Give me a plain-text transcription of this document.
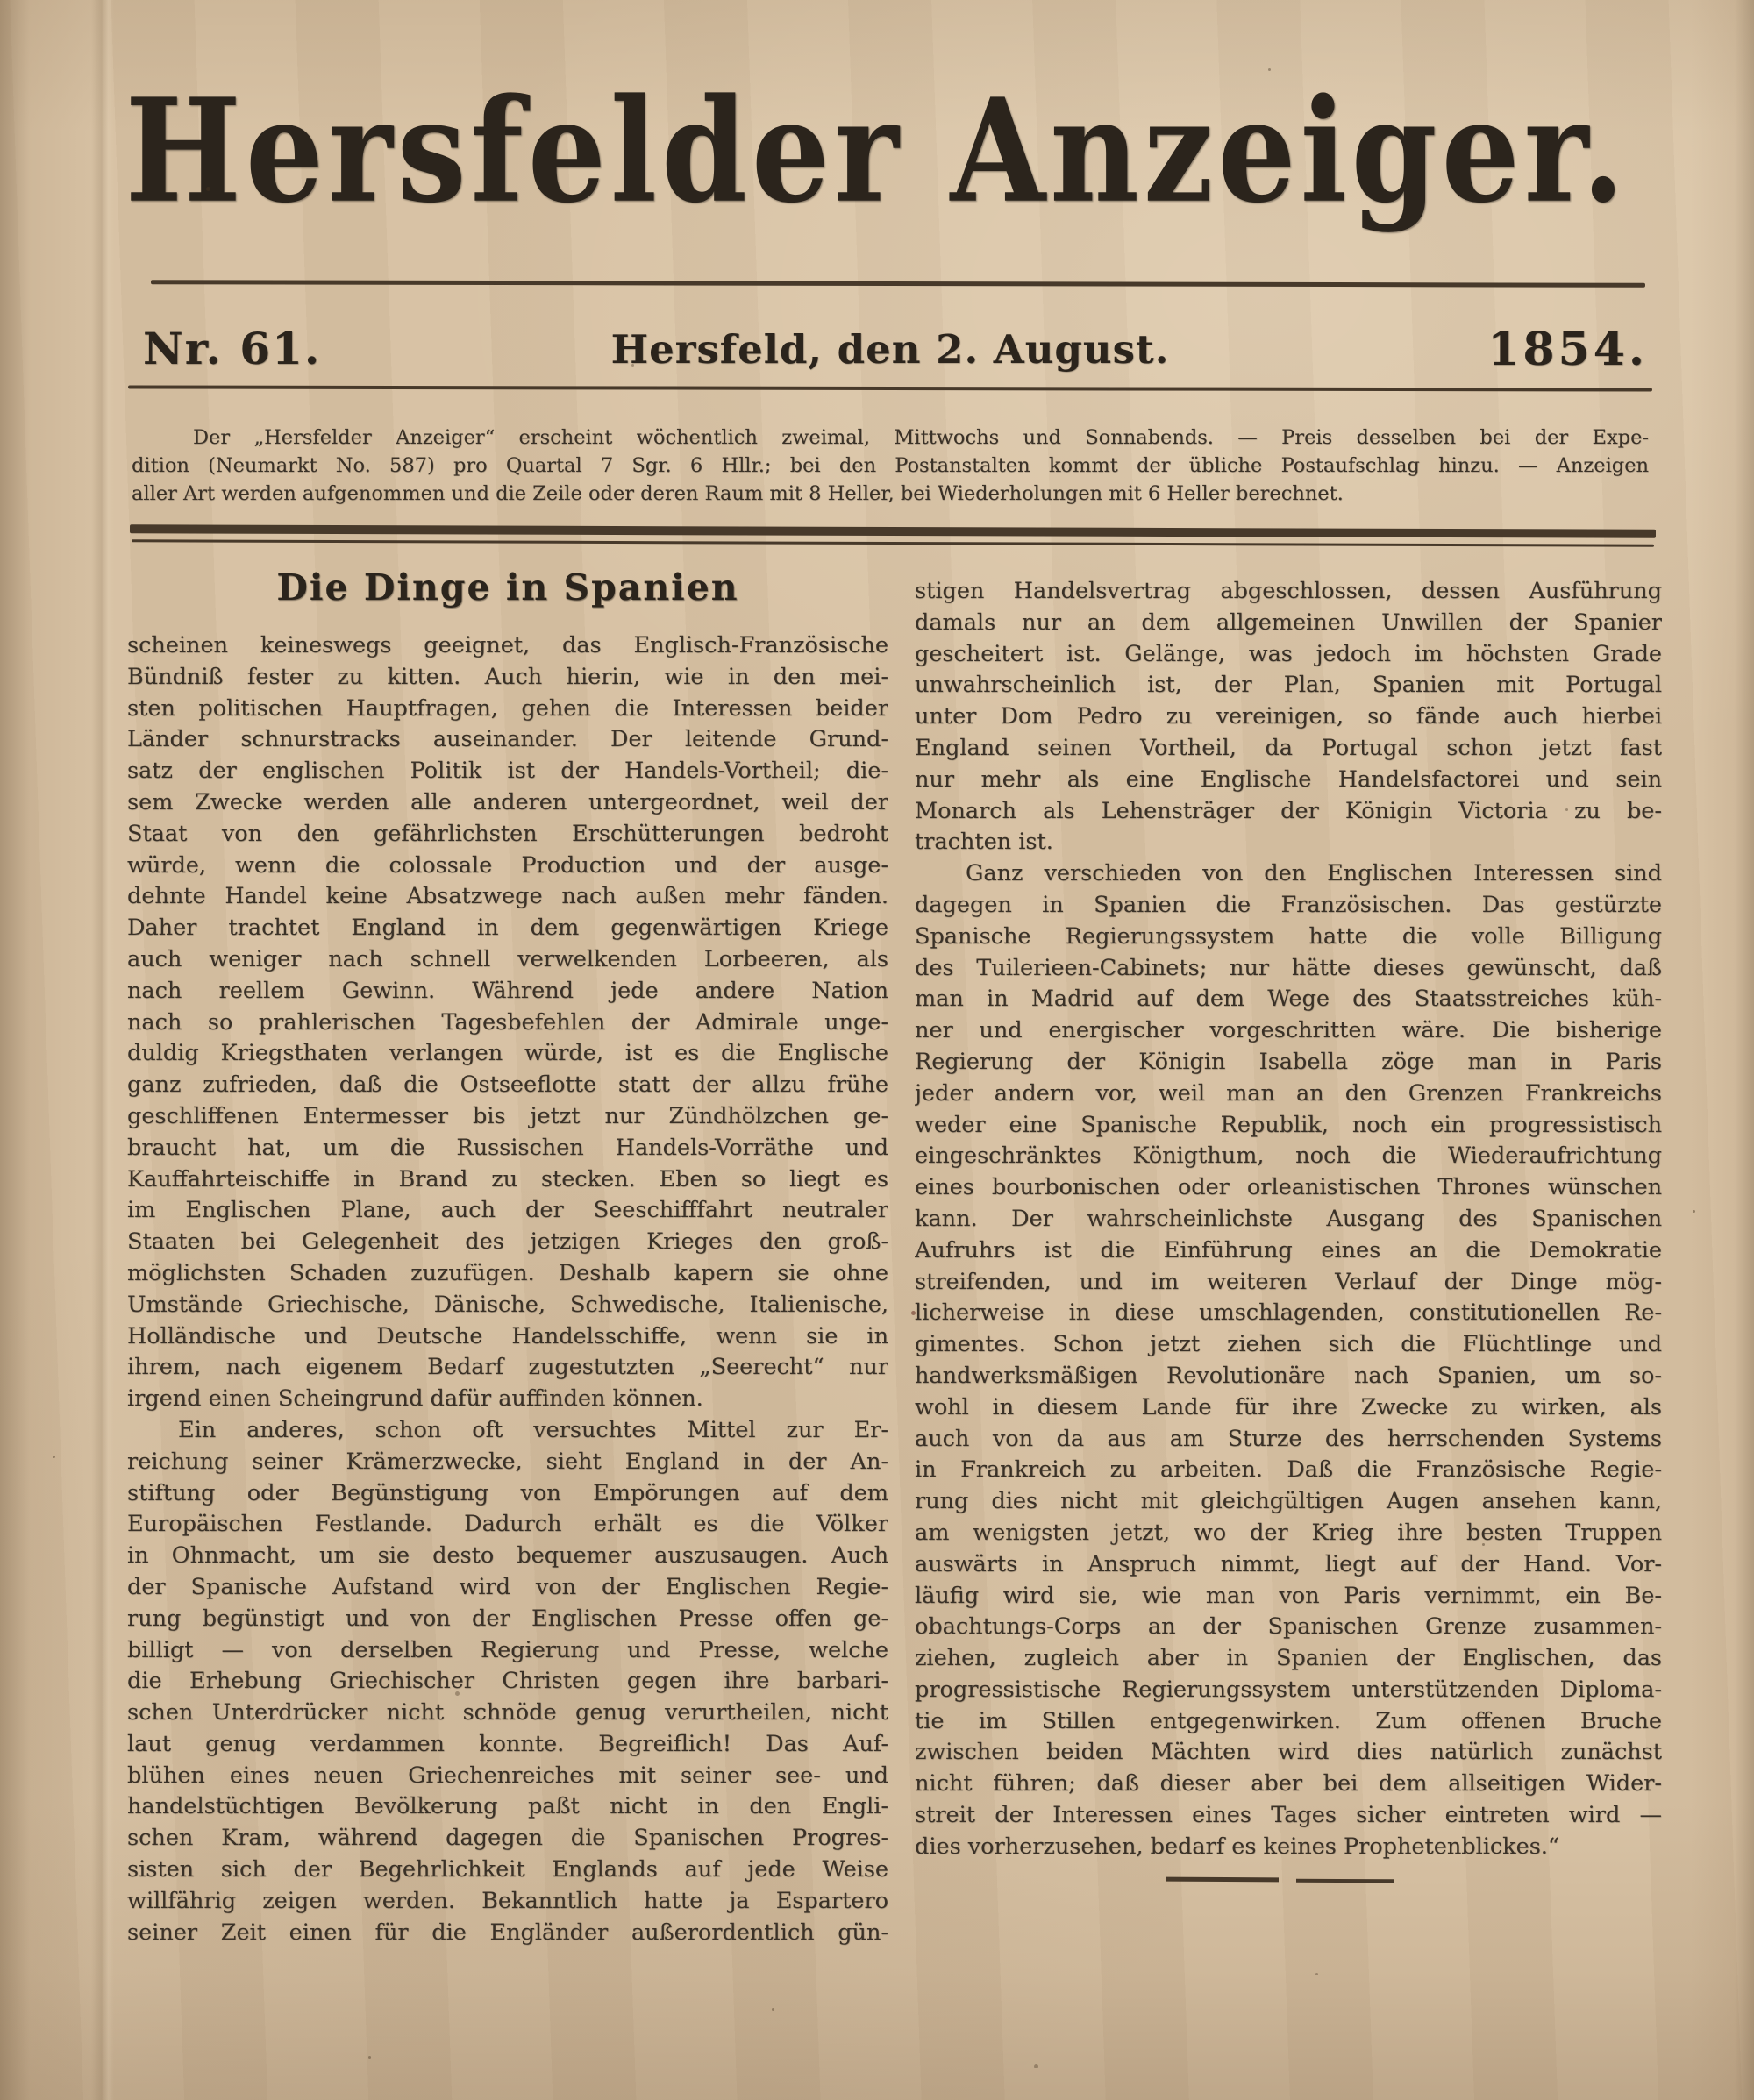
Hersfelder Anzeiger.
Nr. 61.	Hersfeld, den 2. August.	1854.
Der „Hersfelder Anzeiger“ erscheint wöchentlich zweimal, Mittwochs und Sonnabends. — Preis desselben bei der Expe-
dition (Neumarkt No. 587) pro Quartal 7 Sgr. 6 Hllr.; bei den Postanstalten kommt der übliche Postaufschlag hinzu. — Anzeigen
aller Art werden aufgenommen und die Zeile oder deren Raum mit 8 Heller, bei Wiederholungen mit 6 Heller berechnet.
Die Dinge in Spanien
scheinen keineswegs geeignet, das Englisch-Französische
Bündniß fester zu kitten. Auch hierin, wie in den mei-
sten politischen Hauptfragen, gehen die Interessen beider
Länder schnurstracks auseinander. Der leitende Grund-
satz der englischen Politik ist der Handels-Vortheil; die-
sem Zwecke werden alle anderen untergeordnet, weil der
Staat von den gefährlichsten Erschütterungen bedroht
würde, wenn die colossale Production und der ausge-
dehnte Handel keine Absatzwege nach außen mehr fänden.
Daher trachtet England in dem gegenwärtigen Kriege
auch weniger nach schnell verwelkenden Lorbeeren, als
nach reellem Gewinn. Während jede andere Nation
nach so prahlerischen Tagesbefehlen der Admirale unge-
duldig Kriegsthaten verlangen würde, ist es die Englische
ganz zufrieden, daß die Ostseeflotte statt der allzu frühe
geschliffenen Entermesser bis jetzt nur Zündhölzchen ge-
braucht hat, um die Russischen Handels-Vorräthe und
Kauffahrteischiffe in Brand zu stecken. Eben so liegt es
im Englischen Plane, auch der Seeschifffahrt neutraler
Staaten bei Gelegenheit des jetzigen Krieges den groß-
möglichsten Schaden zuzufügen. Deshalb kapern sie ohne
Umstände Griechische, Dänische, Schwedische, Italienische,
Holländische und Deutsche Handelsschiffe, wenn sie in
ihrem, nach eigenem Bedarf zugestutzten „Seerecht“ nur
irgend einen Scheingrund dafür auffinden können.
Ein anderes, schon oft versuchtes Mittel zur Er-
reichung seiner Krämerzwecke, sieht England in der An-
stiftung oder Begünstigung von Empörungen auf dem
Europäischen Festlande. Dadurch erhält es die Völker
in Ohnmacht, um sie desto bequemer auszusaugen. Auch
der Spanische Aufstand wird von der Englischen Regie-
rung begünstigt und von der Englischen Presse offen ge-
billigt — von derselben Regierung und Presse, welche
die Erhebung Griechischer Christen gegen ihre barbari-
schen Unterdrücker nicht schnöde genug verurtheilen, nicht
laut genug verdammen konnte. Begreiflich! Das Auf-
blühen eines neuen Griechenreiches mit seiner see- und
handelstüchtigen Bevölkerung paßt nicht in den Engli-
schen Kram, während dagegen die Spanischen Progres-
sisten sich der Begehrlichkeit Englands auf jede Weise
willfährig zeigen werden. Bekanntlich hatte ja Espartero
seiner Zeit einen für die Engländer außerordentlich gün-
stigen Handelsvertrag abgeschlossen, dessen Ausführung
damals nur an dem allgemeinen Unwillen der Spanier
gescheitert ist. Gelänge, was jedoch im höchsten Grade
unwahrscheinlich ist, der Plan, Spanien mit Portugal
unter Dom Pedro zu vereinigen, so fände auch hierbei
England seinen Vortheil, da Portugal schon jetzt fast
nur mehr als eine Englische Handelsfactorei und sein
Monarch als Lehensträger der Königin Victoria zu be-
trachten ist.
Ganz verschieden von den Englischen Interessen sind
dagegen in Spanien die Französischen. Das gestürzte
Spanische Regierungssystem hatte die volle Billigung
des Tuilerieen-Cabinets; nur hätte dieses gewünscht, daß
man in Madrid auf dem Wege des Staatsstreiches küh-
ner und energischer vorgeschritten wäre. Die bisherige
Regierung der Königin Isabella zöge man in Paris
jeder andern vor, weil man an den Grenzen Frankreichs
weder eine Spanische Republik, noch ein progressistisch
eingeschränktes Königthum, noch die Wiederaufrichtung
eines bourbonischen oder orleanistischen Thrones wünschen
kann. Der wahrscheinlichste Ausgang des Spanischen
Aufruhrs ist die Einführung eines an die Demokratie
streifenden, und im weiteren Verlauf der Dinge mög-
licherweise in diese umschlagenden, constitutionellen Re-
gimentes. Schon jetzt ziehen sich die Flüchtlinge und
handwerksmäßigen Revolutionäre nach Spanien, um so-
wohl in diesem Lande für ihre Zwecke zu wirken, als
auch von da aus am Sturze des herrschenden Systems
in Frankreich zu arbeiten. Daß die Französische Regie-
rung dies nicht mit gleichgültigen Augen ansehen kann,
am wenigsten jetzt, wo der Krieg ihre besten Truppen
auswärts in Anspruch nimmt, liegt auf der Hand. Vor-
läufig wird sie, wie man von Paris vernimmt, ein Be-
obachtungs-Corps an der Spanischen Grenze zusammen-
ziehen, zugleich aber in Spanien der Englischen, das
progressistische Regierungssystem unterstützenden Diploma-
tie im Stillen entgegenwirken. Zum offenen Bruche
zwischen beiden Mächten wird dies natürlich zunächst
nicht führen; daß dieser aber bei dem allseitigen Wider-
streit der Interessen eines Tages sicher eintreten wird —
dies vorherzusehen, bedarf es keines Prophetenblickes.“
